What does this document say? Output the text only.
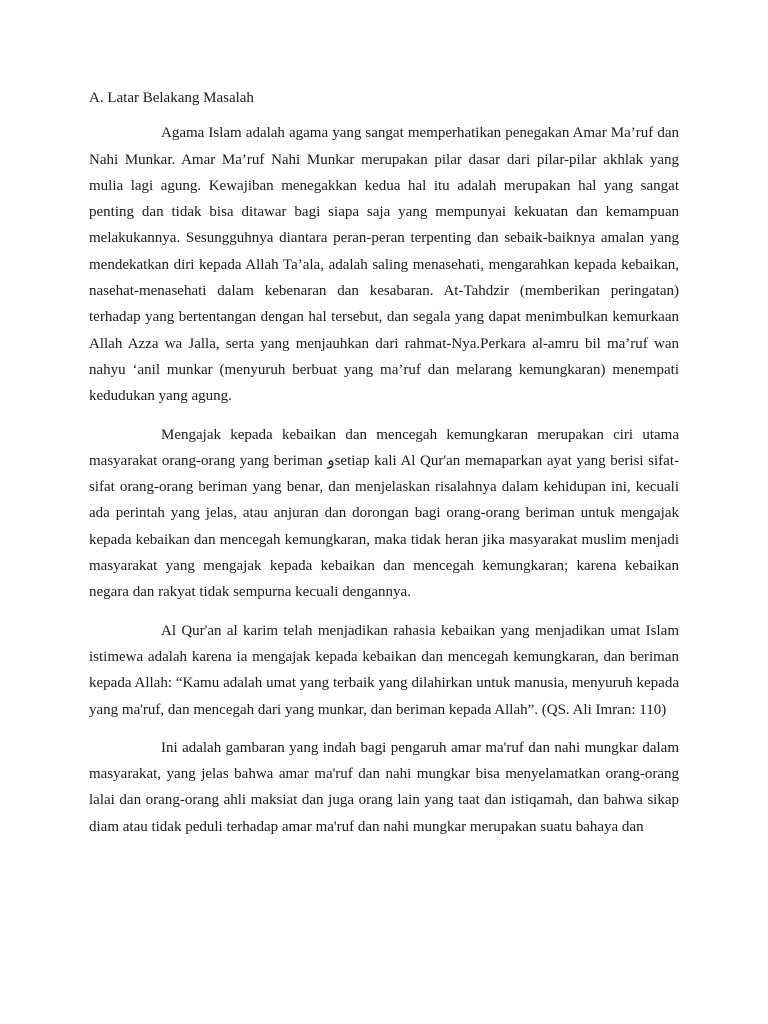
A. Latar Belakang Masalah

Agama Islam adalah agama yang sangat memperhatikan penegakan Amar Ma’ruf dan Nahi Munkar. Amar Ma’ruf Nahi Munkar merupakan pilar dasar dari pilar-pilar akhlak yang mulia lagi agung. Kewajiban menegakkan kedua hal itu adalah merupakan hal yang sangat penting dan tidak bisa ditawar bagi siapa saja yang mempunyai kekuatan dan kemampuan melakukannya. Sesungguhnya diantara peran-peran terpenting dan sebaik-baiknya amalan yang mendekatkan diri kepada Allah Ta’ala, adalah saling menasehati, mengarahkan kepada kebaikan, nasehat-menasehati dalam kebenaran dan kesabaran. At-Tahdzir (memberikan peringatan) terhadap yang bertentangan dengan hal tersebut, dan segala yang dapat menimbulkan kemurkaan Allah Azza wa Jalla, serta yang menjauhkan dari rahmat-Nya.Perkara al-amru bil ma’ruf wan nahyu ‘anil munkar (menyuruh berbuat yang ma’ruf dan melarang kemungkaran) menempati kedudukan yang agung.

Mengajak kepada kebaikan dan mencegah kemungkaran merupakan ciri utama masyarakat orang-orang yang beriman وsetiap kali Al Qur'an memaparkan ayat yang berisi sifat-sifat orang-orang beriman yang benar, dan menjelaskan risalahnya dalam kehidupan ini, kecuali ada perintah yang jelas, atau anjuran dan dorongan bagi orang-orang beriman untuk mengajak kepada kebaikan dan mencegah kemungkaran, maka tidak heran jika masyarakat muslim menjadi masyarakat yang mengajak kepada kebaikan dan mencegah kemungkaran; karena kebaikan negara dan rakyat tidak sempurna kecuali dengannya.

Al Qur'an al karim telah menjadikan rahasia kebaikan yang menjadikan umat Islam istimewa adalah karena ia mengajak kepada kebaikan dan mencegah kemungkaran, dan beriman kepada Allah: “Kamu adalah umat yang terbaik yang dilahirkan untuk manusia, menyuruh kepada yang ma'ruf, dan mencegah dari yang munkar, dan beriman kepada Allah”. (QS. Ali Imran: 110)

Ini adalah gambaran yang indah bagi pengaruh amar ma'ruf dan nahi mungkar dalam masyarakat, yang jelas bahwa amar ma'ruf dan nahi mungkar bisa menyelamatkan orang-orang lalai dan orang-orang ahli maksiat dan juga orang lain yang taat dan istiqamah, dan bahwa sikap diam atau tidak peduli terhadap amar ma'ruf dan nahi mungkar merupakan suatu bahaya dan
